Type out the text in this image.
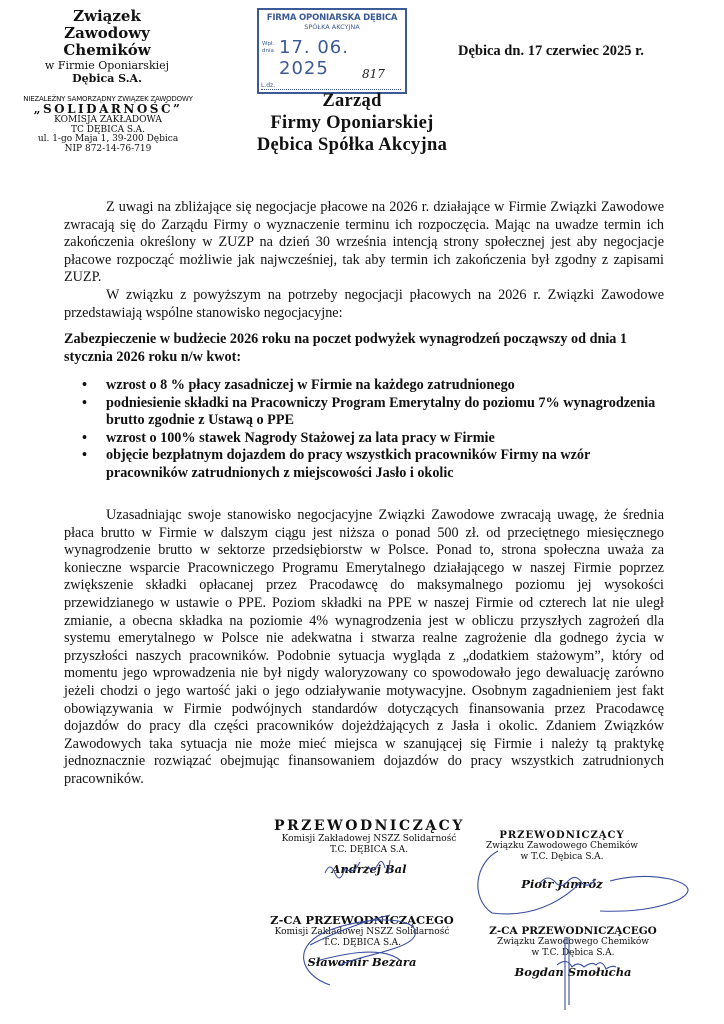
Związek Zawodowy
Chemików
w Firmie Oponiarskiej
Dębica S.A.
NIEZALEŻNY SAMORZĄDNY ZWIĄZEK ZAWODOWY
„SOLIDARNOŚĆ”
KOMISJA ZAKŁADOWA
TC DĘBICA S.A.
ul. 1-go Maja 1, 39-200 Dębica
NIP 872-14-76-719
FIRMA OPONIARSKA DĘBICA
SPÓŁKA AKCYJNA
Wpł.
dnia 17. 06. 2025	817
L.dz.
Dębica dn. 17 czerwiec 2025 r.
Zarząd
Firmy Oponiarskiej
Dębica Spółka Akcyjna
Z uwagi na zbliżające się negocjacje płacowe na 2026 r. działające w Firmie Związki Zawodowe zwracają się do Zarządu Firmy o wyznaczenie terminu ich rozpoczęcia. Mając na uwadze termin ich zakończenia określony w ZUZP na dzień 30 września intencją strony społecznej jest aby negocjacje płacowe rozpocząć możliwie jak najwcześniej, tak aby termin ich zakończenia był zgodny z zapisami ZUZP.
W związku z powyższym na potrzeby negocjacji płacowych na 2026 r. Związki Zawodowe przedstawiają wspólne stanowisko negocjacyjne:
Zabezpieczenie w budżecie 2026 roku na poczet podwyżek wynagrodzeń począwszy od dnia 1 stycznia 2026 roku n/w kwot:
• wzrost o 8 % płacy zasadniczej w Firmie na każdego zatrudnionego
• podniesienie składki na Pracowniczy Program Emerytalny do poziomu 7% wynagrodzenia brutto zgodnie z Ustawą o PPE
• wzrost o 100% stawek Nagrody Stażowej za lata pracy w Firmie
• objęcie bezpłatnym dojazdem do pracy wszystkich pracowników Firmy na wzór pracowników zatrudnionych z miejscowości Jasło i okolic
Uzasadniając swoje stanowisko negocjacyjne Związki Zawodowe zwracają uwagę, że średnia płaca brutto w Firmie w dalszym ciągu jest niższa o ponad 500 zł. od przeciętnego miesięcznego wynagrodzenie brutto w sektorze przedsiębiorstw w Polsce. Ponad to, strona społeczna uważa za konieczne wsparcie Pracowniczego Programu Emerytalnego działającego w naszej Firmie poprzez zwiększenie składki opłacanej przez Pracodawcę do maksymalnego poziomu jej wysokości przewidzianego w ustawie o PPE. Poziom składki na PPE w naszej Firmie od czterech lat nie uległ zmianie, a obecna składka na poziomie 4% wynagrodzenia jest w obliczu przyszłych zagrożeń dla systemu emerytalnego w Polsce nie adekwatna i stwarza realne zagrożenie dla godnego życia w przyszłości naszych pracowników. Podobnie sytuacja wygląda z „dodatkiem stażowym”, który od momentu jego wprowadzenia nie był nigdy waloryzowany co spowodowało jego dewaluację zarówno jeżeli chodzi o jego wartość jaki o jego odziaływanie motywacyjne. Osobnym zagadnieniem jest fakt obowiązywania w Firmie podwójnych standardów dotyczących finansowania przez Pracodawcę dojazdów do pracy dla części pracowników dojeżdżających z Jasła i okolic. Zdaniem Związków Zawodowych taka sytuacja nie może mieć miejsca w szanującej się Firmie i należy tą praktykę jednoznacznie rozwiązać obejmując finansowaniem dojazdów do pracy wszystkich zatrudnionych pracowników.
PRZEWODNICZĄCY
Komisji Zakładowej NSZZ Solidarność
T.C. DĘBICA S.A.
Andrzej Bal
PRZEWODNICZĄCY
Związku Zawodowego Chemików
w T.C. Dębica S.A.
Piotr Jamróz
Z-CA PRZEWODNICZĄCEGO
Komisji Zakładowej NSZZ Solidarność
T.C. DĘBICA S.A.
Sławomir Bezara
Z-CA PRZEWODNICZĄCEGO
Związku Zawodowego Chemików
w T.C. Dębica S.A.
Bogdan Smołucha
